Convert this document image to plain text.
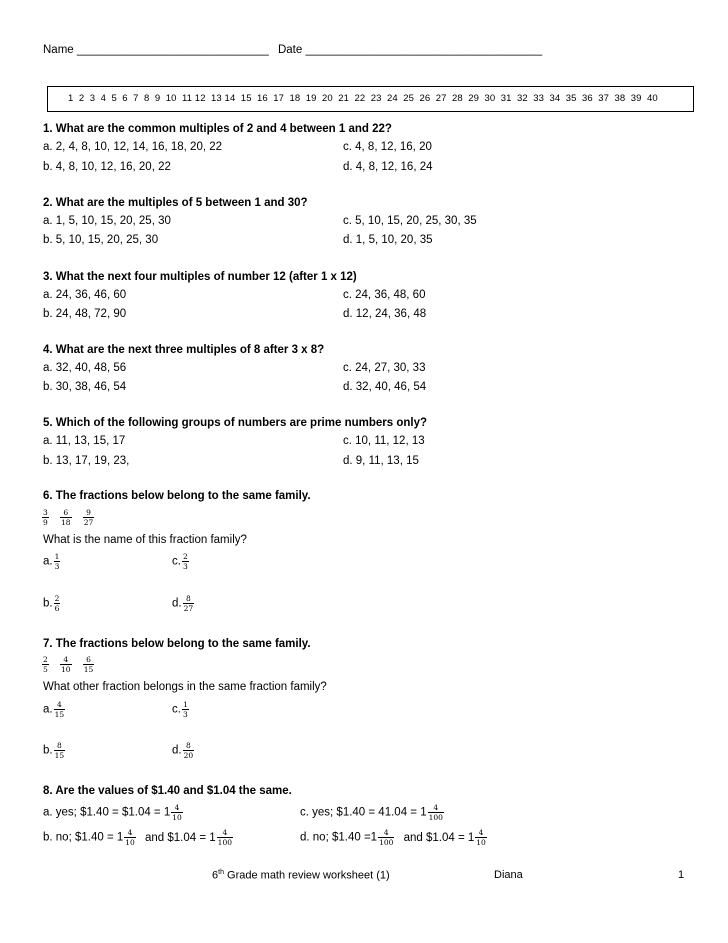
Name ______________________________ Date _____________________________________
1  2  3  4  5  6  7  8  9  10  11 12  13 14  15  16  17  18  19  20  21  22  23  24  25  26  27  28  29  30  31  32  33  34  35  36  37  38  39  40
1. What are the common multiples of 2 and 4 between 1 and 22?
a. 2, 4, 8, 10, 12, 14, 16, 18, 20, 22	c. 4, 8, 12, 16, 20
b. 4, 8, 10, 12, 16, 20, 22	d. 4, 8, 12, 16, 24
2. What are the multiples of 5 between 1 and 30?
a. 1, 5, 10, 15, 20, 25, 30	c. 5, 10, 15, 20, 25, 30, 35
b. 5, 10, 15, 20, 25, 30	d. 1, 5, 10, 20, 35
3. What the next four multiples of number 12 (after 1 x 12)
a. 24, 36, 46, 60	c. 24, 36, 48, 60
b. 24, 48, 72, 90	d. 12, 24, 36, 48
4. What are the next three multiples of 8 after 3 x 8?
a. 32, 40, 48, 56	c. 24, 27, 30, 33
b. 30, 38, 46, 54	d. 32, 40, 46, 54
5. Which of the following groups of numbers are prime numbers only?
a. 11, 13, 15, 17	c. 10, 11, 12, 13
b. 13, 17, 19, 23,	d. 9, 11, 13, 15
6. The fractions below belong to the same family.
$\frac{3}{9}$
$\frac{6}{18}$
$\frac{9}{27}$
What is the name of this fraction family?
a. $\frac{1}{3}$	c. $\frac{2}{3}$
b. $\frac{2}{6}$	d. $\frac{8}{27}$
7. The fractions below belong to the same family.
$\frac{2}{5}$
$\frac{4}{10}$
$\frac{6}{15}$
What other fraction belongs in the same fraction family?
a. $\frac{4}{15}$	c. $\frac{1}{3}$
b. $\frac{8}{15}$	d. $\frac{8}{20}$
8. Are the values of $1.40 and $1.04 the same.
a. yes; $1.40 = $1.04 = $1 \frac{4}{10}$	c. yes; $1.40 = $41.04 = 1 \frac{4}{100}$
b. no; $1.40 = $1 \frac{4}{10}$ and $1.04 = $1 \frac{4}{100}$	d. no; $1.40 $=1 \frac{4}{100}$ and $1.04 = $1 \frac{4}{10}$
6th Grade math review worksheet (1)	Diana	1
